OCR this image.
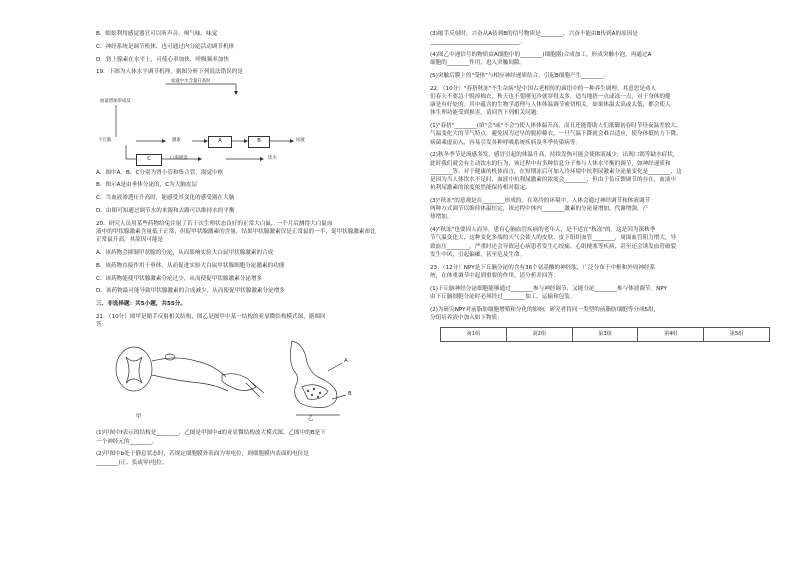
B．蜈蚣利用感觉器官可以听声音、嗅气味、味觉
C．神经系统是调节机体、也可通过内分泌活动调节机体
D．肾上腺素在水平上，可使心率加快，呼吸频率加快
19．下图为人体水平调节机理，据图分析下列说法错误的是
血液中水含量升高时
血量增加形成反
下丘脑	激素	A	B	尿液
C	口渴感觉	饮水
A．图中A、B、C分别为肾小管和集合管、渴觉中枢
B．图示A是由垂体分泌的，C为大脑皮层
C．当血液渗透压升高时，能感受其变化的感受器在大脑
D．由图可知通过调节水的来源和去路可以维持水的平衡
20．研究人员用某些药物给兔注射了若干次生理状态良好的正常大白鼠，一个月后测得大白鼠血
液中的甲状腺激素含量低于正常，但促甲状腺激素的含量，结果甲状腺激素仅是正常鼠的一半，促甲状腺激素却比
正常鼠升高，其原因可能是
A．该药物会抑制甲状腺的分泌，从而影响实验大白鼠甲状腺激素的合成
B．该药物直接作用于垂体，从而促进实验大白鼠甲状腺细胞分泌激素的功能
C．该药物能使甲状腺激素分泌过少，从而使促甲状腺激素分泌增多
D．该药物最可能导致甲状腺激素的合成减少，从而使促甲状腺激素分泌增多
三、非选择题：共5小题，共55分。
21．（10分）图甲是缩手反射相关结构，图乙是图甲中某一结构的亚显微结构模式图，据图回
答：
甲	乙
A
B
(1)甲图中f表示的结构是________，乙图是甲图中d的亚显微结构放大模式图，乙图中的B是下
一个神经元的________。
(2)甲图中b处于静息状态时，若规定细胞膜外表面为零电位，则细胞膜内表面的电位是
________(正、负或零)电位。
(3)缩手反射时，兴奋从A传到B的信号物质是________，兴奋不能由B传到A的原因是
________________________________。
(4)图乙中递信号的物质由A细胞中的________(细胞器)合成加工，形成突触小泡，再通过A
细胞的________作用，进入突触间隙。
(5)突触后膜上的"受体"与相应神经递质结合，引起B细胞产生________。
22．（10分）"春捂秋冻"不生杂病"是中国古老相传的谚语中的一种养生调理。其意思是劝人
们春天不要急于脱掉棉衣，秋天也不要刚见冷就穿得太多，适当地捂一点或冻一点，对于身体的健
康是有好处的。其中蕴含的生物学道理与人体体温调节密切相关。如果体温太高或太低，都会使人
体生理功能受到损害。请回答下列相关问题：
(1)"春捂"________(填"会"或"不会")使人体体温升高，而且还能帮助人们抵御初春时节昼夜温差较大、
气温变化大的节气特点，避免因为过早的脱掉棉衣，一旦气温下降就会难以适应，使身体抵抗力下降，
病菌乘虚而入，容易引发各种呼吸系统疾病及冬季传染病等。
(2)秋冬季节是流感多发，感冒引起的体温升高，持续发热可能会使体液减少，出现口渴等缺水症状，
此时我们就会有主动饮水的行为，该过程中有多种信息分子参与人体水平衡的调节，如神经递质和
________等。对于健康的机体而言，在短期冻后可加入冷环境中抗利尿激素分泌量变化是________，这
是因为当人体饮水不足时，血液中抗利尿激素的浓度会________，但由于负反馈调节的存在，血液中
抗利尿激素的浓度依然能保持相对稳定。
(3)"秋冻"的意观是在________形成的。在寒冷的环境中，人体会通过神经调节和体液调节
两种方式调节以维持体温恒定，该过程中体内________激素的分泌量增加，代谢增强，产
热增加。
(4)"秋冻"也要因人而异。患有心脑血管疾病的老年人，是不适宜"秋冻"的。这是因为深秋季
节气温变化大，这种变化多端的天气会使人的皮肤、皮下组织血管________，周围血管阻力增大，导
致血压________。严重时还会导致冠心病患者发生心绞痛、心肌梗塞等疾病，甚至还会诱发血管破裂
发生中风，引起偏瘫，甚至危及生命。
23．（12分）NPY是下丘脑分泌的含有36个氨基酸的神经肽，广泛分布于中枢和外周神经系
统，在体重调节中起到重要的作用。请分析并回答：
(1)下丘脑神经分泌细胞能够通过________参与神经调节，又能分泌________参与体液调节。NPY
由下丘脑细胞分泌时必须经过________加工、运输和包装。
(2)为研究NPY对前脂肪细胞增殖和分化的影响，研究者将同一类型的前脂肪细胞等分成5组，
分组培养液中加入如下物质：
第1组	第2组	第3组	第4组	第5组
